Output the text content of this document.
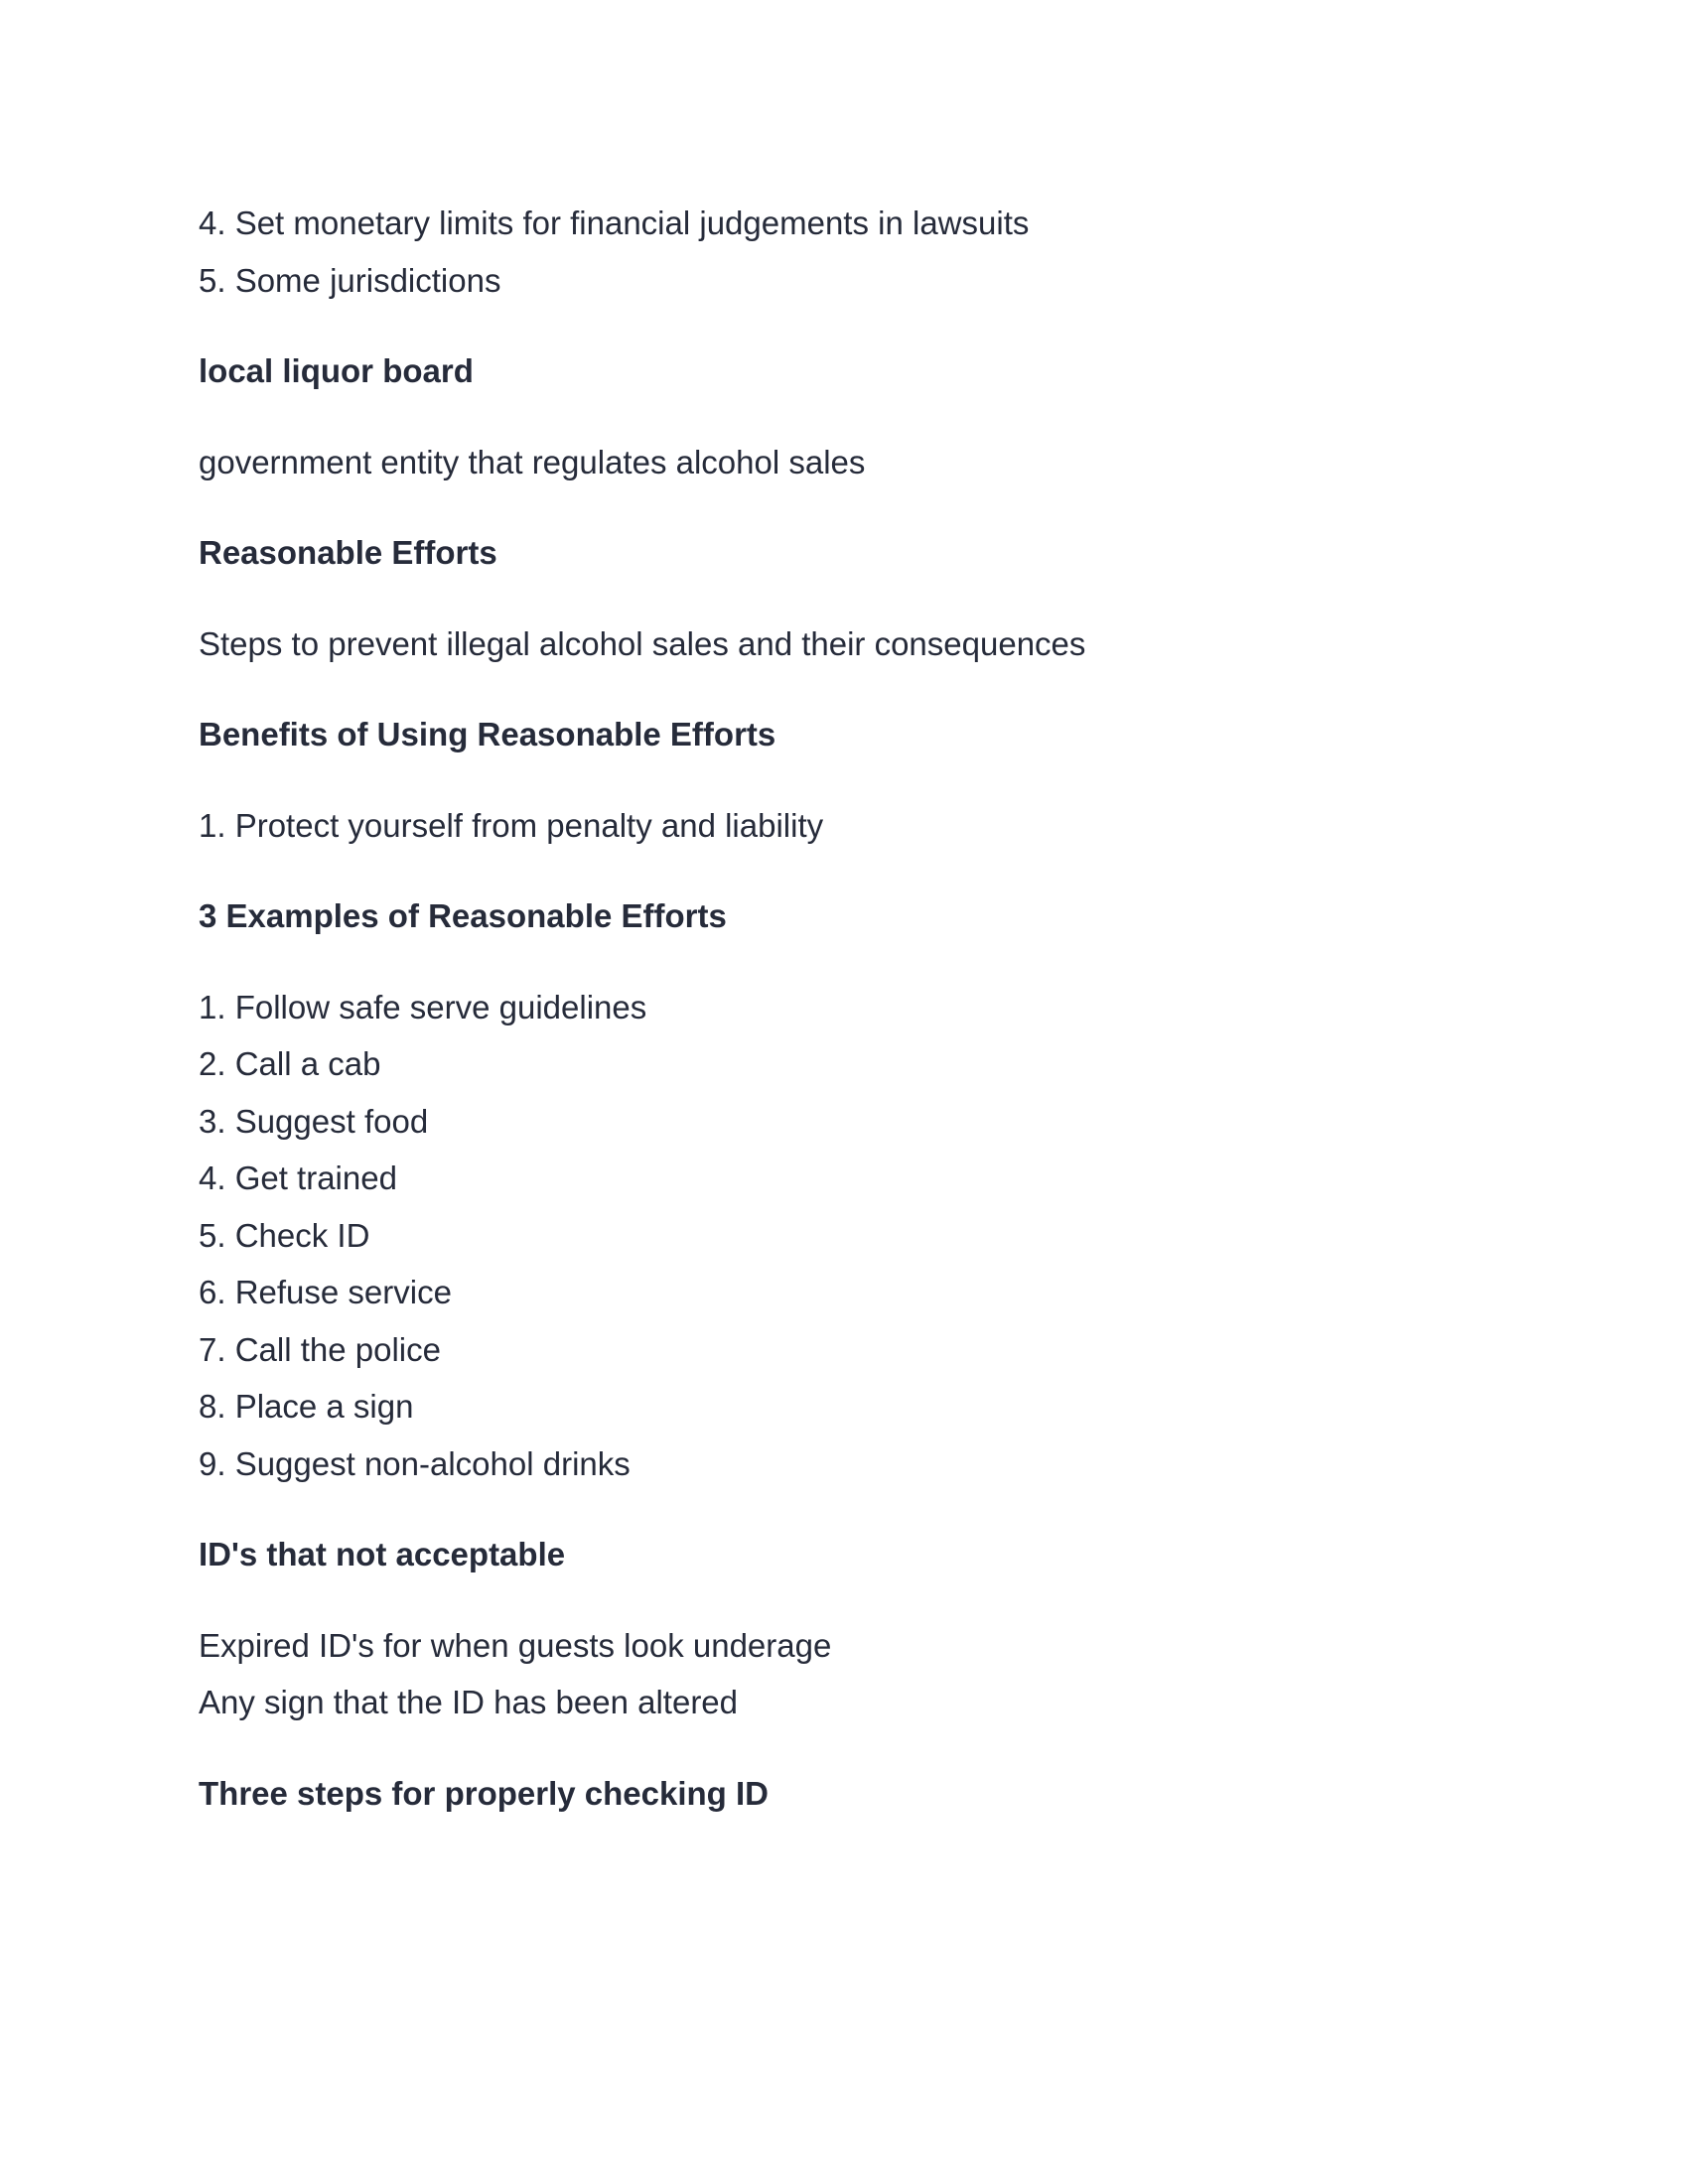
4. Set monetary limits for financial judgements in lawsuits

5. Some jurisdictions

local liquor board

government entity that regulates alcohol sales

Reasonable Efforts

Steps to prevent illegal alcohol sales and their consequences

Benefits of Using Reasonable Efforts

1. Protect yourself from penalty and liability

3 Examples of Reasonable Efforts

1. Follow safe serve guidelines

2. Call a cab

3. Suggest food

4. Get trained

5. Check ID

6. Refuse service

7. Call the police

8. Place a sign

9. Suggest non-alcohol drinks

ID's that not acceptable

Expired ID's for when guests look underage

Any sign that the ID has been altered

Three steps for properly checking ID
